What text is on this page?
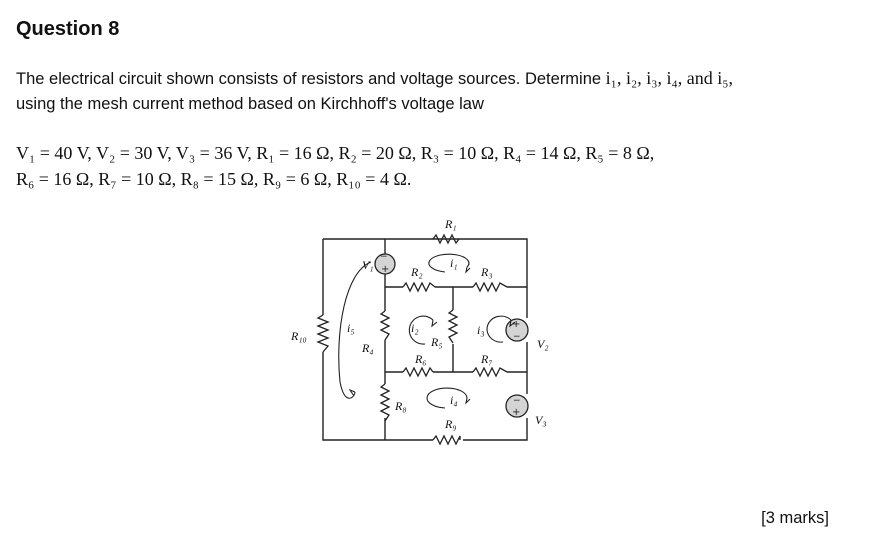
Question 8
The electrical circuit shown consists of resistors and voltage sources. Determine i₁, i₂, i₃, i₄, and i₅,
using the mesh current method based on Kirchhoff's voltage law
V₁ = 40 V, V₂ = 30 V, V₃ = 36 V, R₁ = 16 Ω, R₂ = 20 Ω, R₃ = 10 Ω, R₄ = 14 Ω, R₅ = 8 Ω,
R₆ = 16 Ω, R₇ = 10 Ω, R₈ = 15 Ω, R₉ = 6 Ω, R₁₀ = 4 Ω.
−
+
+
−
−
+
R₁
V₁	R₂
i₁
R₃
R₁₀
i₅
R₄
i₂
R₅
i₃
V₂
R₆	R₇
R₈	i₄
V₃
R₉
[3 marks]
